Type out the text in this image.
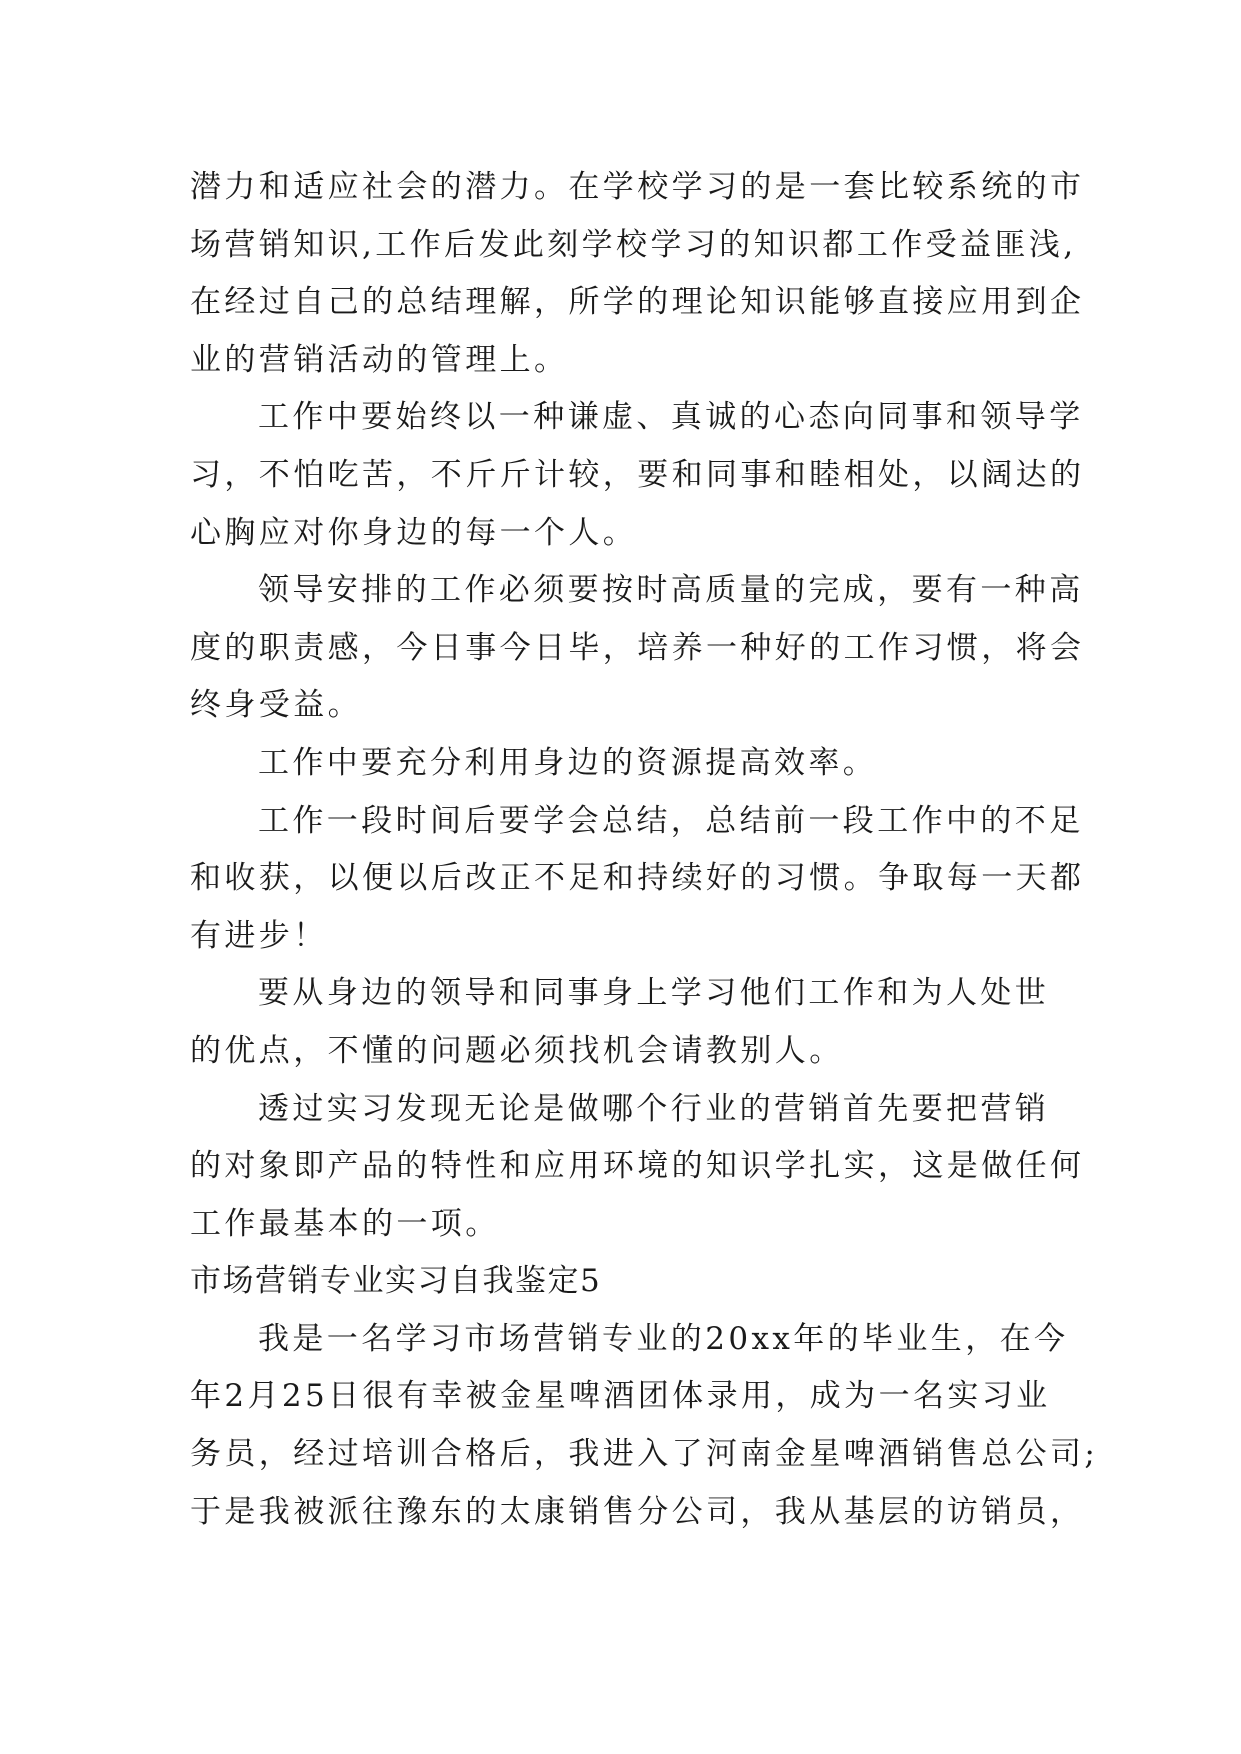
潜力和适应社会的潜力。在学校学习的是一套比较系统的市
场营销知识,工作后发此刻学校学习的知识都工作受益匪浅,
在经过自己的总结理解，所学的理论知识能够直接应用到企
业的营销活动的管理上。
工作中要始终以一种谦虚、真诚的心态向同事和领导学
习，不怕吃苦，不斤斤计较，要和同事和睦相处，以阔达的
心胸应对你身边的每一个人。
领导安排的工作必须要按时高质量的完成，要有一种高
度的职责感，今日事今日毕，培养一种好的工作习惯，将会
终身受益。
工作中要充分利用身边的资源提高效率。
工作一段时间后要学会总结，总结前一段工作中的不足
和收获，以便以后改正不足和持续好的习惯。争取每一天都
有进步！
要从身边的领导和同事身上学习他们工作和为人处世
的优点，不懂的问题必须找机会请教别人。
透过实习发现无论是做哪个行业的营销首先要把营销
的对象即产品的特性和应用环境的知识学扎实，这是做任何
工作最基本的一项。
市场营销专业实习自我鉴定5
我是一名学习市场营销专业的20xx年的毕业生，在今
年2月25日很有幸被金星啤酒团体录用，成为一名实习业
务员，经过培训合格后，我进入了河南金星啤酒销售总公司;
于是我被派往豫东的太康销售分公司，我从基层的访销员，
